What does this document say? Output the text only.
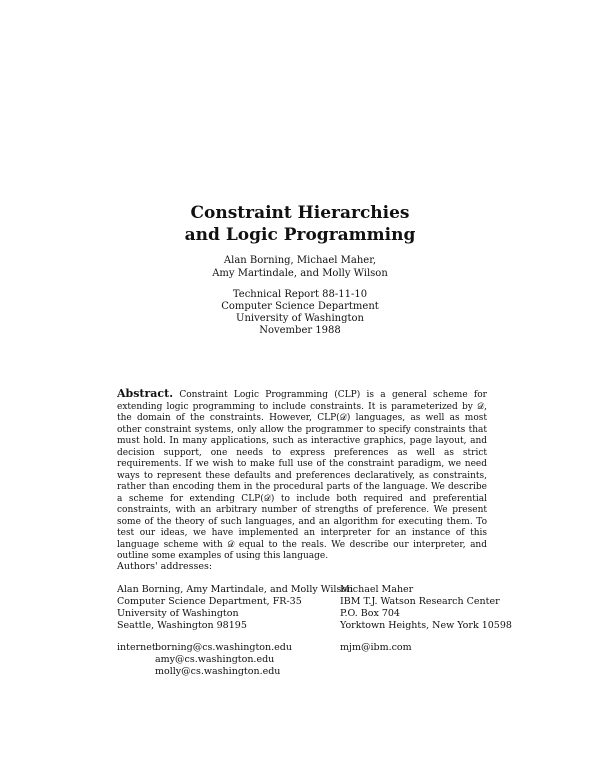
Constraint Hierarchies
and Logic Programming
Alan Borning, Michael Maher,
Amy Martindale, and Molly Wilson
Technical Report 88-11-10
Computer Science Department
University of Washington
November 1988
Abstract. Constraint Logic Programming (CLP) is a general scheme for extending logic programming to include constraints. It is parameterized by 𝒟, the domain of the constraints. However, CLP(𝒟) languages, as well as most other constraint systems, only allow the programmer to specify constraints that must hold. In many applications, such as interactive graphics, page layout, and decision support, one needs to express preferences as well as strict requirements. If we wish to make full use of the constraint paradigm, we need ways to represent these defaults and preferences declaratively, as constraints, rather than encoding them in the procedural parts of the language. We describe a scheme for extending CLP(𝒟) to include both required and preferential constraints, with an arbitrary number of strengths of preference. We present some of the theory of such languages, and an algorithm for executing them. To test our ideas, we have implemented an interpreter for an instance of this language scheme with 𝒟 equal to the reals. We describe our interpreter, and outline some examples of using this language.
Authors' addresses:
Alan Borning, Amy Martindale, and Molly Wilson
Computer Science Department, FR-35
University of Washington
Seattle, Washington 98195
Michael Maher
IBM T.J. Watson Research Center
P.O. Box 704
Yorktown Heights, New York 10598
internet borning@cs.washington.edu
amy@cs.washington.edu
molly@cs.washington.edu
mjm@ibm.com
